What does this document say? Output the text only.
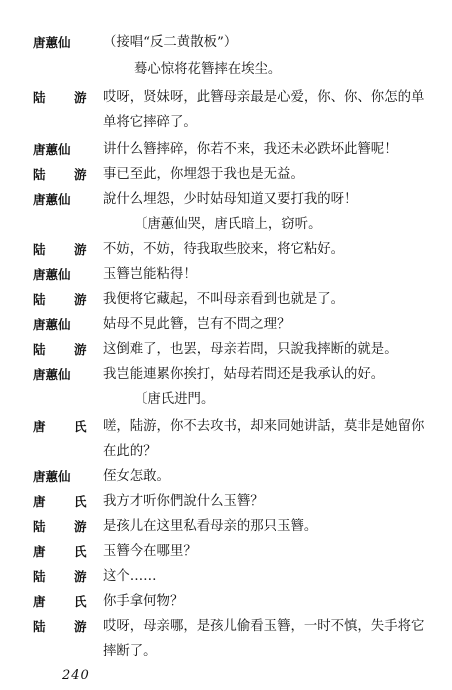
唐蕙仙	（接唱“反二黄散板”）
蓦心惊将花簪摔在埃尘。
陆　游 哎呀，贤妹呀，此簪母亲最是心爱，你、你、你怎的单
单将它摔碎了。
唐蕙仙	讲什么簪摔碎，你若不来，我还未必跌坏此簪呢！
陆　游 事已至此，你埋怨于我也是无益。
唐蕙仙	說什么埋怨，少时姑母知道又要打我的呀！
〔唐蕙仙哭，唐氏暗上，窃听。
陆　游 不妨，不妨，待我取些胶来，将它粘好。
唐蕙仙	玉簪岂能粘得！
陆　游 我便将它藏起，不叫母亲看到也就是了。
唐蕙仙	姑母不見此簪，岂有不問之理？
陆　游 这倒难了，也罢，母亲若問，只說我摔断的就是。
唐蕙仙	我岂能連累你挨打，姑母若問还是我承认的好。
〔唐氏进門。
唐　氏 嗟，陆游，你不去攻书，却来同她讲話，莫非是她留你
在此的？
唐蕙仙	侄女怎敢。
唐　氏 我方才听你們說什么玉簪？
陆　游 是孩儿在这里私看母亲的那只玉簪。
唐　氏 玉簪今在哪里？
陆　游 这个……
唐　氏 你手拿何物？
陆　游 哎呀，母亲哪，是孩儿偷看玉簪，一时不慎，失手将它
摔断了。
240
